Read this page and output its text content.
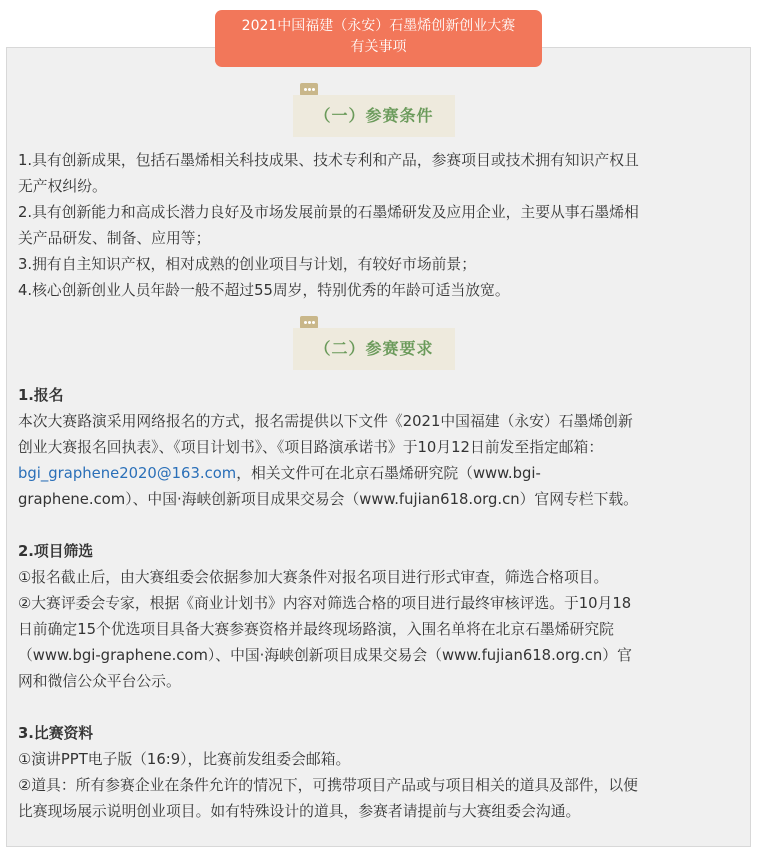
2021中国福建（永安）石墨烯创新创业大赛
有关事项
（一）参赛条件
1.具有创新成果，包括石墨烯相关科技成果、技术专利和产品，参赛项目或技术拥有知识产权且
无产权纠纷。
2.具有创新能力和高成长潜力良好及市场发展前景的石墨烯研发及应用企业，主要从事石墨烯相
关产品研发、制备、应用等；
3.拥有自主知识产权，相对成熟的创业项目与计划，有较好市场前景；
4.核心创新创业人员年龄一般不超过55周岁，特别优秀的年龄可适当放宽。
（二）参赛要求
1.报名
本次大赛路演采用网络报名的方式，报名需提供以下文件《2021中国福建（永安）石墨烯创新
创业大赛报名回执表》、《项目计划书》、《项目路演承诺书》于10月12日前发至指定邮箱：
bgi_graphene2020@163.com，相关文件可在北京石墨烯研究院（www.bgi-
graphene.com）、中国·海峡创新项目成果交易会（www.fujian618.org.cn）官网专栏下载。
2.项目筛选
①报名截止后，由大赛组委会依据参加大赛条件对报名项目进行形式审查，筛选合格项目。
②大赛评委会专家，根据《商业计划书》内容对筛选合格的项目进行最终审核评选。于10月18
日前确定15个优选项目具备大赛参赛资格并最终现场路演，入围名单将在北京石墨烯研究院
（www.bgi-graphene.com）、中国·海峡创新项目成果交易会（www.fujian618.org.cn）官
网和微信公众平台公示。
3.比赛资料
①演讲PPT电子版（16:9），比赛前发组委会邮箱。
②道具：所有参赛企业在条件允许的情况下，可携带项目产品或与项目相关的道具及部件，以便
比赛现场展示说明创业项目。如有特殊设计的道具，参赛者请提前与大赛组委会沟通。
